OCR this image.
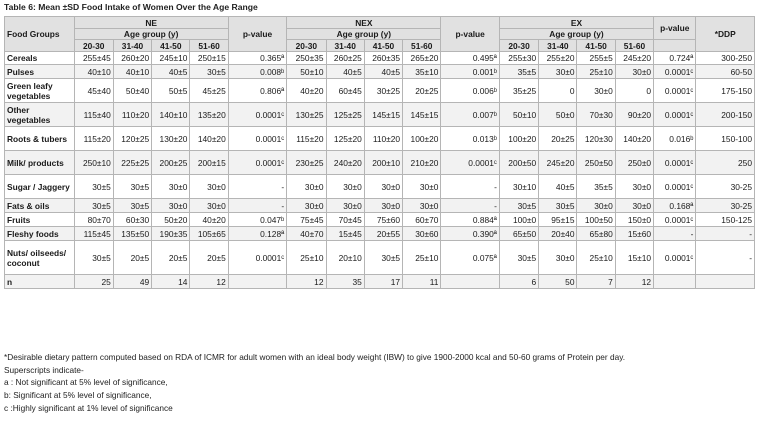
Table 6: Mean ±SD Food Intake of Women Over the Age Range
Food Groups	NE				p-value	NEX				p-value	EX				p-value	*DDP
	Age group (y)					Age group (y)					Age group (y)					
	20-30	31-40	41-50	51-60		20-30	31-40	41-50	51-60		20-30	31-40	41-50	51-60		
Cereals	255±45	260±20	245±10	250±15	0.365ª	250±35	260±25	260±35	265±20	0.495ª	255±30	255±20	255±5	245±20	0.724ª	300-250
Pulses	40±10	40±10	40±5	30±5	0.008ᵇ	50±10	40±5	40±5	35±10	0.001ᵇ	35±5	30±0	25±10	30±0	0.0001ᶜ	60-50
Green leafy vegetables	45±40	50±40	50±5	45±25	0.806ª	40±20	60±45	30±25	20±25	0.006ᵇ	35±25	0	30±0	0	0.0001ᶜ	175-150
Other vegetables	115±40	110±20	140±10	135±20	0.0001ᶜ	130±25	125±25	145±15	145±15	0.007ᵇ	50±10	50±0	70±30	90±20	0.0001ᶜ	200-150
Roots & tubers	115±20	120±25	130±20	140±20	0.0001ᶜ	115±20	125±20	110±20	100±20	0.013ᵇ	100±20	20±25	120±30	140±20	0.016ᵇ	150-100
Milk/ products	250±10	225±25	200±25	200±15	0.0001ᶜ	230±25	240±20	200±10	210±20	0.0001ᶜ	200±50	245±20	250±50	250±0	0.0001ᶜ	250
Sugar / Jaggery	30±5	30±5	30±0	30±0	-	30±0	30±0	30±0	30±0	-	30±10	40±5	35±5	30±0	0.0001ᶜ	30-25
Fats & oils	30±5	30±5	30±0	30±0	-	30±0	30±0	30±0	30±0	-	30±5	30±5	30±0	30±0	0.168ª	30-25
Fruits	80±70	60±30	50±20	40±20	0.047ᵇ	75±45	70±45	75±60	60±70	0.884ª	100±0	95±15	100±50	150±0	0.0001ᶜ	150-125
Fleshy foods	115±45	135±50	190±35	105±65	0.128ª	40±70	15±45	20±55	30±60	0.390ª	65±50	20±40	65±80	15±60	-	-
Nuts/ oilseeds/ coconut	30±5	20±5	20±5	20±5	0.0001ᶜ	25±10	20±10	30±5	25±10	0.075ª	30±5	30±0	25±10	15±10	0.0001ᶜ	-
n	25	49	14	12		12	35	17	11		6	50	7	12		

*Desirable dietary pattern computed based on RDA of ICMR for adult women with an ideal body weight (IBW) to give 1900-2000 kcal and 50-60 grams of Protein per day.

Superscripts indicate-

a : Not significant at 5% level of significance,

b: Significant at 5% level of significance,

c :Highly significant at 1% level of significance
